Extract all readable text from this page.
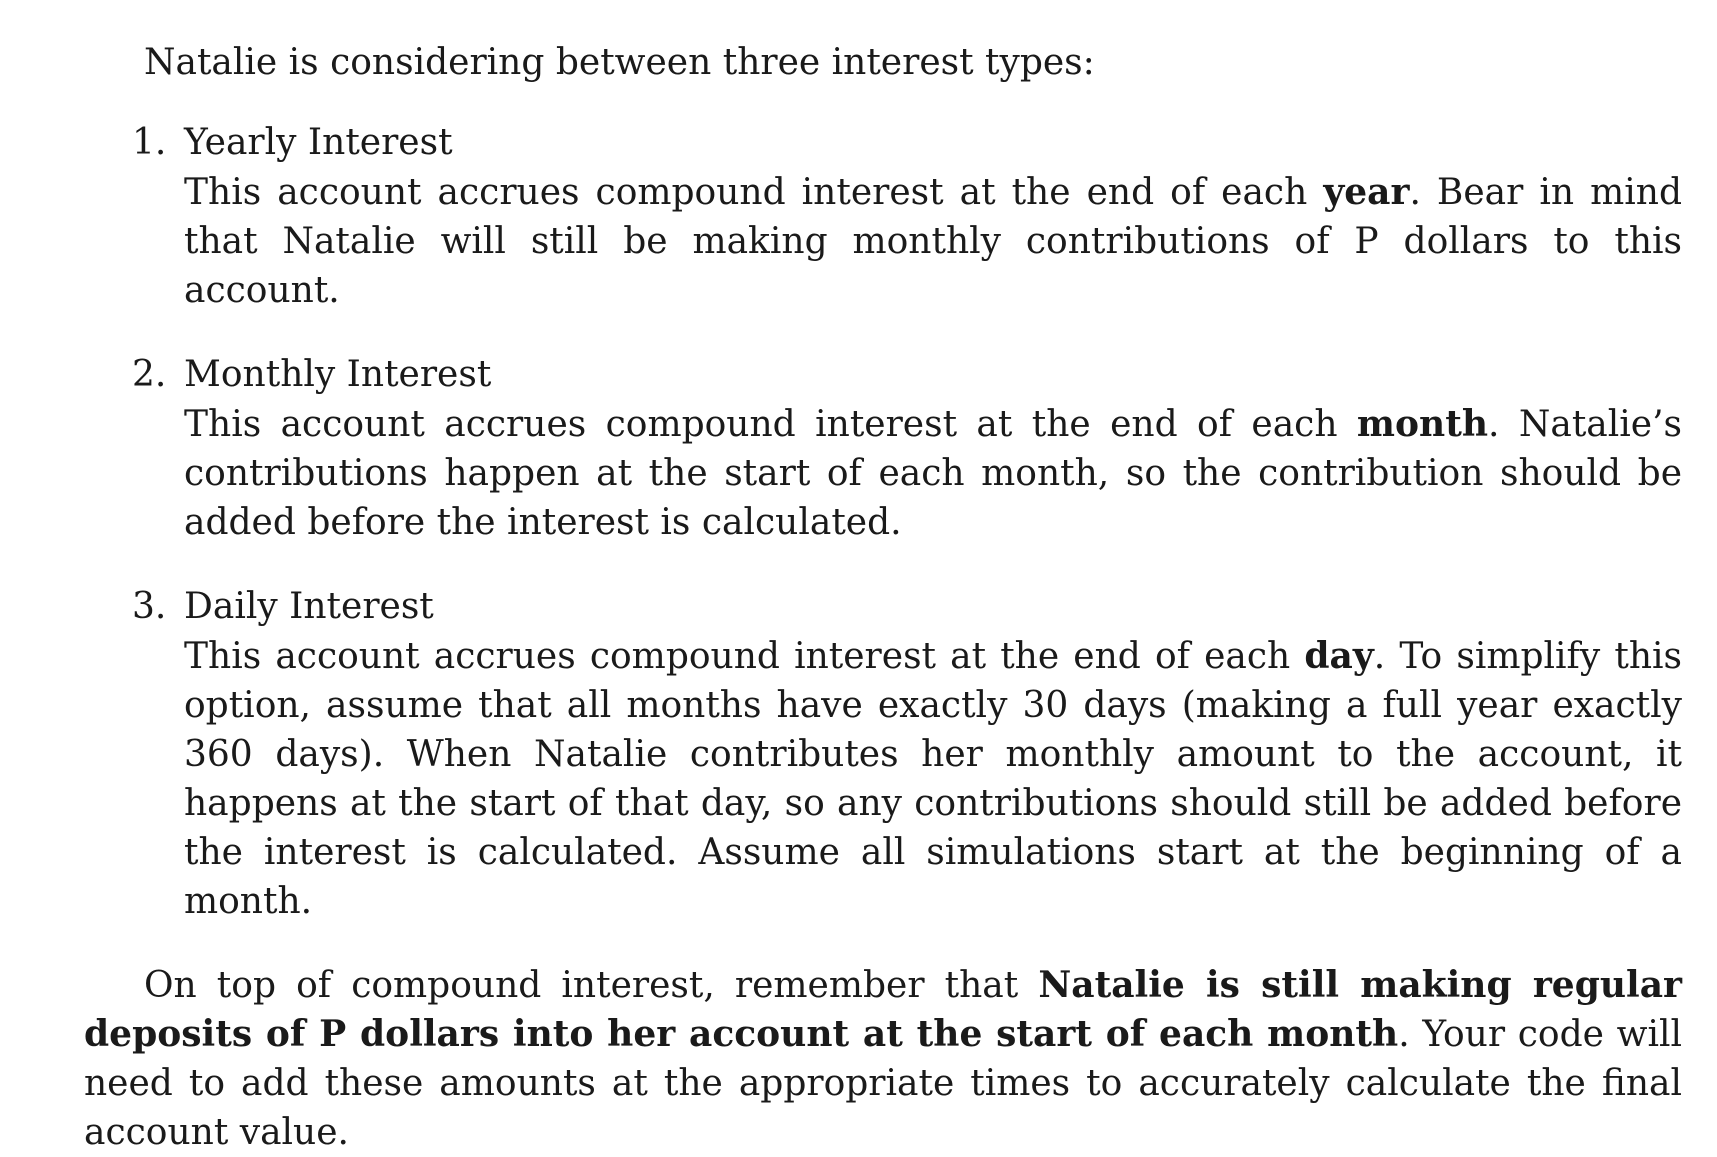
Natalie is considering between three interest types:

1. Yearly Interest
This account accrues compound interest at the end of each year. Bear in mind that Natalie will still be making monthly contributions of P dollars to this account.
2. Monthly Interest
This account accrues compound interest at the end of each month. Natalie’s contributions happen at the start of each month, so the contribution should be added before the interest is calculated.
3. Daily Interest
This account accrues compound interest at the end of each day. To simplify this option, assume that all months have exactly 30 days (making a full year exactly 360 days). When Natalie contributes her monthly amount to the account, it happens at the start of that day, so any contributions should still be added before the interest is calculated. Assume all simulations start at the beginning of a month.

On top of compound interest, remember that Natalie is still making regular deposits of P dollars into her account at the start of each month. Your code will need to add these amounts at the appropriate times to accurately calculate the final account value.
